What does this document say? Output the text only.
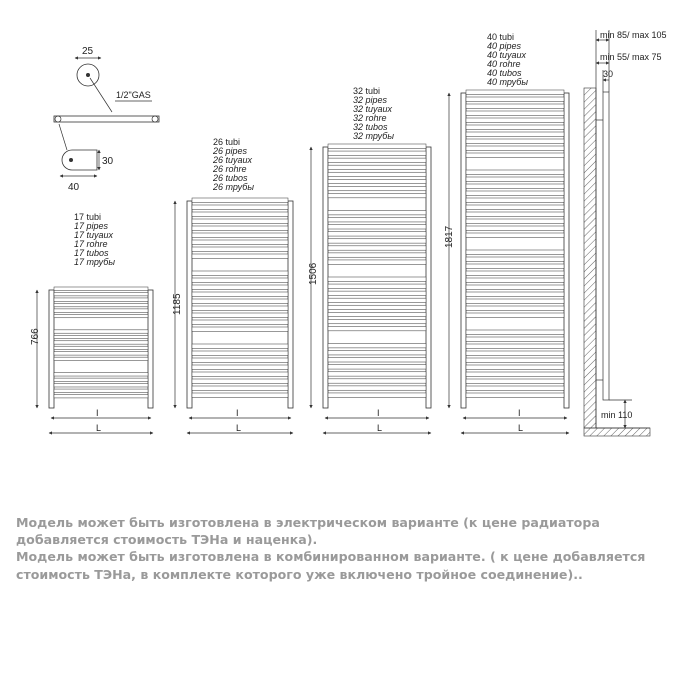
25
1/2"GAS
30
40
17 tubi
17 pipes
17 tuyaux
17 rohre
17 tubos
17 трубы
26 tubi
26 pipes
26 tuyaux
26 rohre
26 tubos
26 трубы
32 tubi
32 pipes
32 tuyaux
32 rohre
32 tubos
32 трубы
40 tubi
40 pipes
40 tuyaux
40 rohre
40 tubos
40 трубы
766
1185
1506
1817
I
L
I
L
I
L
I
L
min 85/ max 105
min 55/ max 75
30
min 110

Модель может быть изготовлена в электрическом варианте (к цене радиатора добавляется стоимость ТЭНа и наценка).

Модель может быть изготовлена в комбинированном варианте. ( к цене добавляется стоимость ТЭНа, в комплекте которого уже включено тройное соединение)..
